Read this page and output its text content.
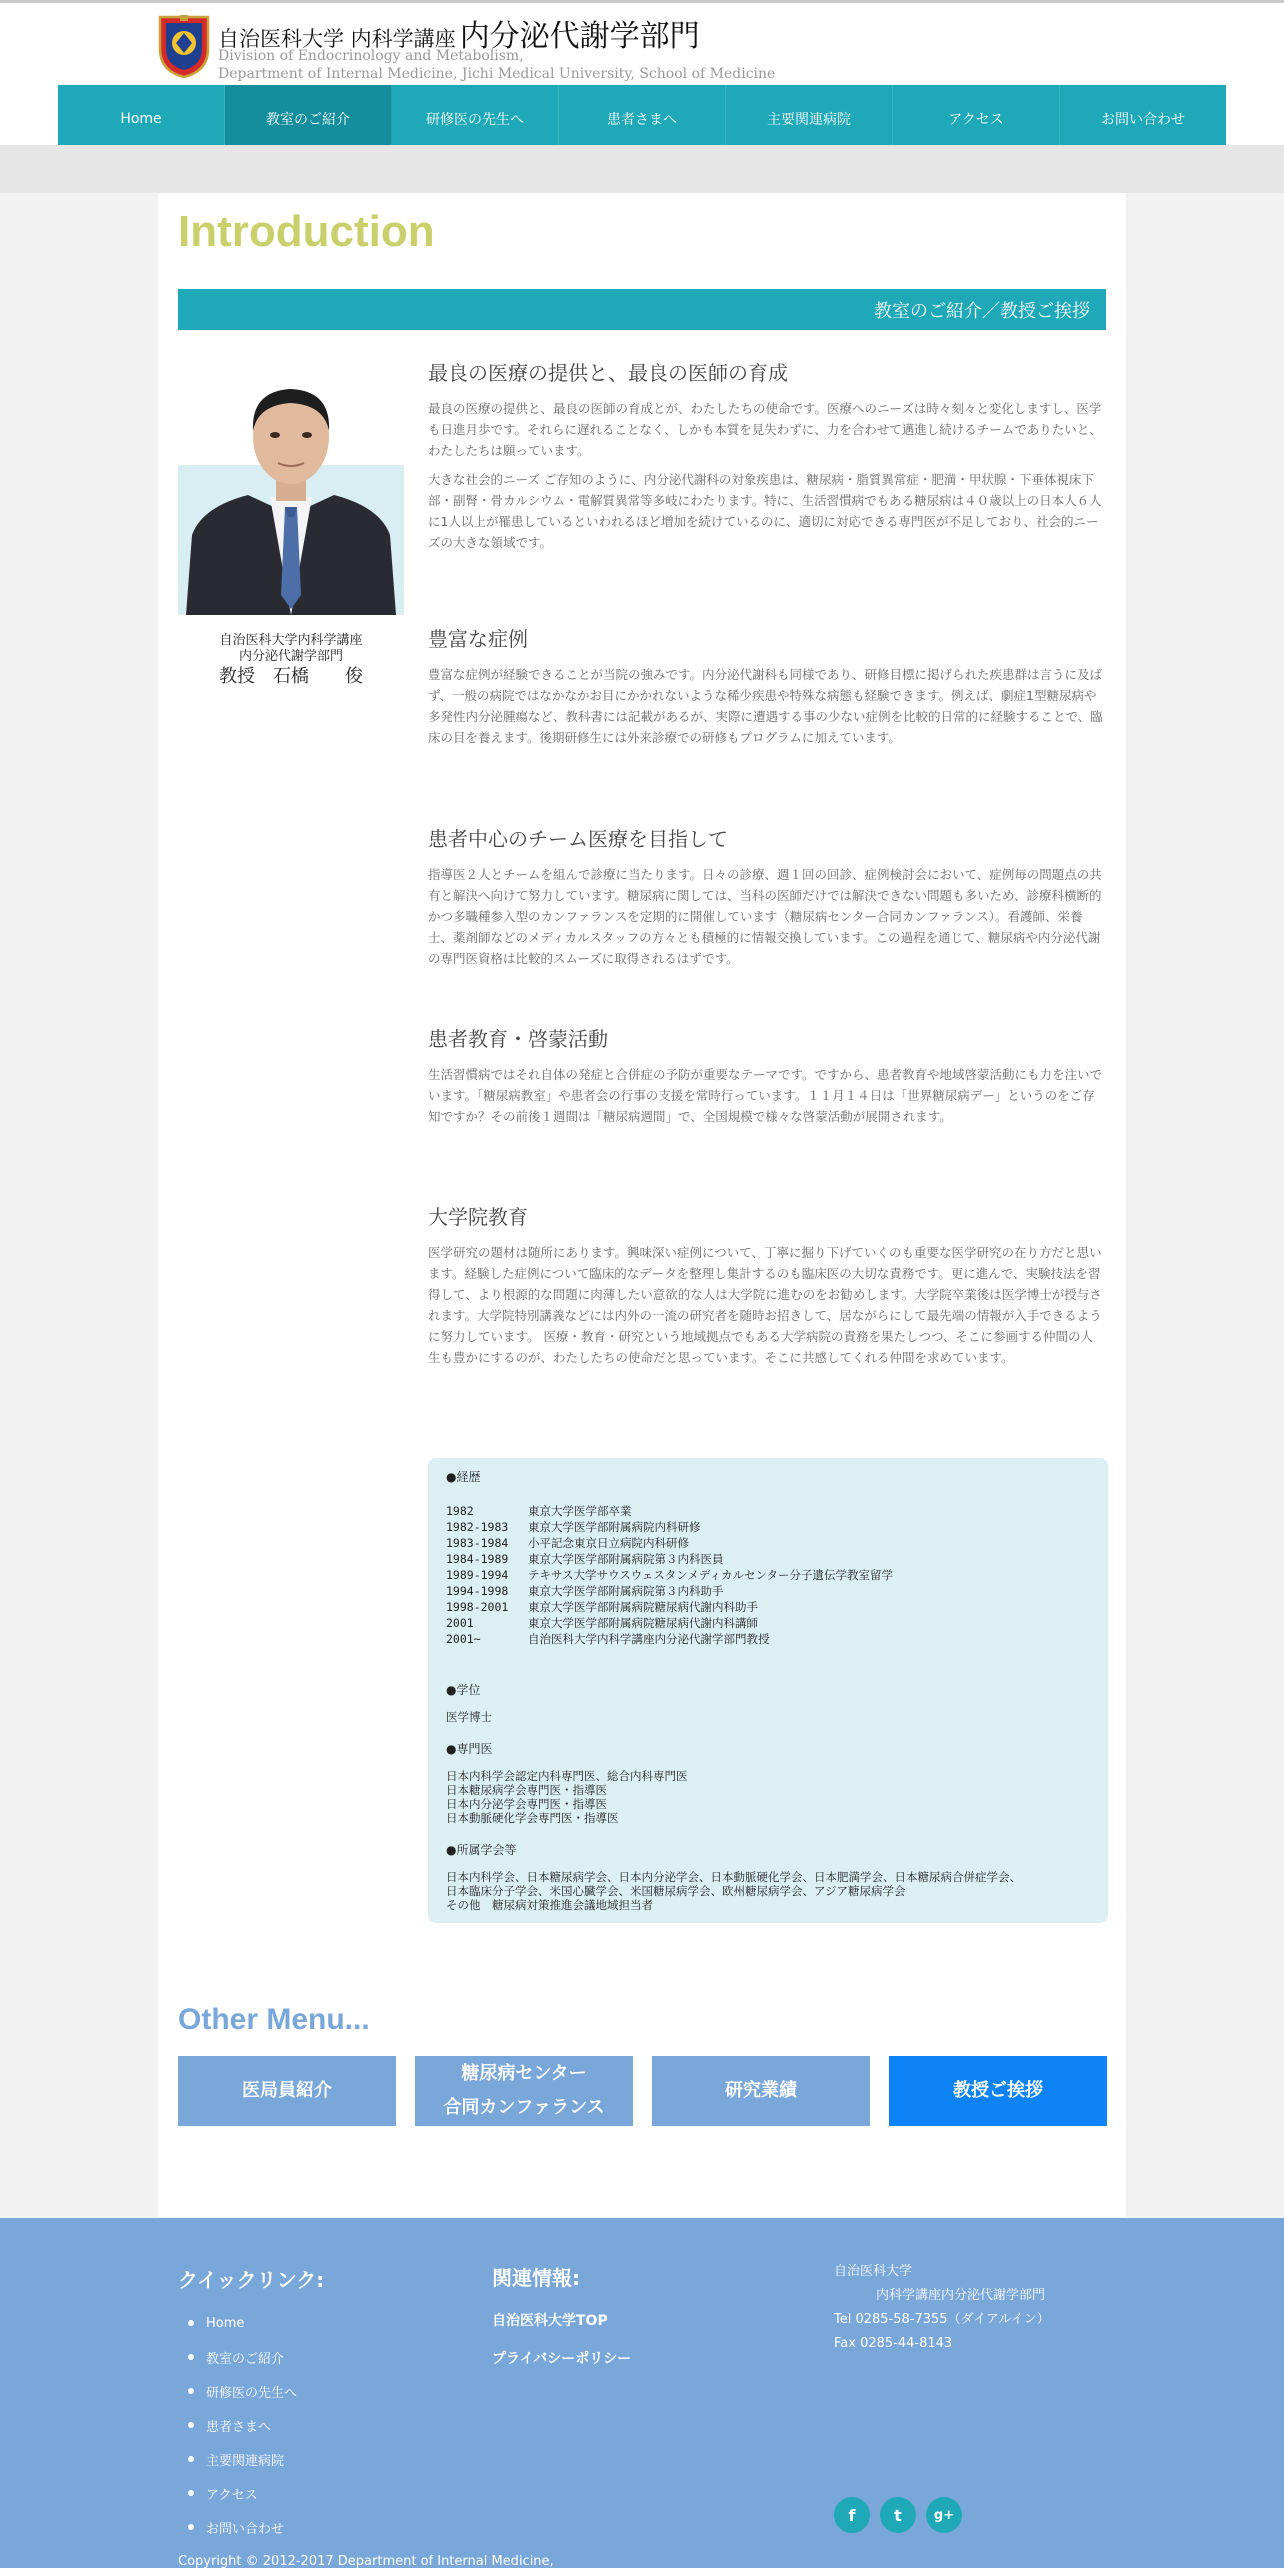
自治医科大学 内科学講座 内分泌代謝学部門
Division of Endocrinology and Metabolism,
Department of Internal Medicine, Jichi Medical University, School of Medicine
Home	教室のご紹介	研修医の先生へ	患者さまへ	主要関連病院	アクセス	お問い合わせ
Introduction
教室のご紹介／教授ご挨拶
自治医科大学内科学講座
内分泌代謝学部門
教授　石橋　　俊
最良の医療の提供と、最良の医師の育成

最良の医療の提供と、最良の医師の育成とが、わたしたちの使命です。医療へのニーズは時々刻々と変化しますし、医学も日進月歩です。それらに遅れることなく、しかも本質を見失わずに、力を合わせて邁進し続けるチームでありたいと、わたしたちは願っています。

大きな社会的ニーズ ご存知のように、内分泌代謝科の対象疾患は、糖尿病・脂質異常症・肥満・甲状腺・下垂体視床下部・副腎・骨カルシウム・電解質異常等多岐にわたります。特に、生活習慣病でもある糖尿病は４０歳以上の日本人６人に1人以上が罹患しているといわれるほど増加を続けているのに、適切に対応できる専門医が不足しており、社会的ニーズの大きな領域です。

豊富な症例

豊富な症例が経験できることが当院の強みです。内分泌代謝科も同様であり、研修目標に掲げられた疾患群は言うに及ばず、一般の病院ではなかなかお目にかかれないような稀少疾患や特殊な病態も経験できます。例えば、劇症1型糖尿病や多発性内分泌腫瘍など、教科書には記載があるが、実際に遭遇する事の少ない症例を比較的日常的に経験することで、臨床の目を養えます。後期研修生には外来診療での研修もプログラムに加えています。

患者中心のチーム医療を目指して

指導医２人とチームを組んで診療に当たります。日々の診療、週１回の回診、症例検討会において、症例毎の問題点の共有と解決へ向けて努力しています。糖尿病に関しては、当科の医師だけでは解決できない問題も多いため、診療科横断的かつ多職種参入型のカンファランスを定期的に開催しています（糖尿病センター合同カンファランス）。看護師、栄養士、薬剤師などのメディカルスタッフの方々とも積極的に情報交換しています。この過程を通じて、糖尿病や内分泌代謝の専門医資格は比較的スムーズに取得されるはずです。

患者教育・啓蒙活動

生活習慣病ではそれ自体の発症と合併症の予防が重要なテーマです。ですから、患者教育や地域啓蒙活動にも力を注いでいます。「糖尿病教室」や患者会の行事の支援を常時行っています。１１月１４日は「世界糖尿病デー」というのをご存知ですか？その前後１週間は「糖尿病週間」で、全国規模で様々な啓蒙活動が展開されます。

大学院教育

医学研究の題材は随所にあります。興味深い症例について、丁寧に掘り下げていくのも重要な医学研究の在り方だと思います。経験した症例について臨床的なデータを整理し集計するのも臨床医の大切な責務です。更に進んで、実験技法を習得して、より根源的な問題に肉薄したい意欲的な人は大学院に進むのをお勧めします。大学院卒業後は医学博士が授与されます。大学院特別講義などには内外の一流の研究者を随時お招きして、居ながらにして最先端の情報が入手できるように努力しています。 医療・教育・研究という地域拠点でもある大学病院の責務を果たしつつ、そこに参画する仲間の人生も豊かにするのが、わたしたちの使命だと思っています。そこに共感してくれる仲間を求めています。

●経歴
1982	東京大学医学部卒業
1982-1983	東京大学医学部附属病院内科研修
1983-1984	小平記念東京日立病院内科研修
1984-1989	東京大学医学部附属病院第３内科医員
1989-1994	テキサス大学サウスウェスタンメディカルセンター分子遺伝学教室留学
1994-1998	東京大学医学部附属病院第３内科助手
1998-2001	東京大学医学部附属病院糖尿病代謝内科助手
2001	東京大学医学部附属病院糖尿病代謝内科講師
2001~	自治医科大学内科学講座内分泌代謝学部門教授
●学位
医学博士
●専門医
日本内科学会認定内科専門医、総合内科専門医
日本糖尿病学会専門医・指導医
日本内分泌学会専門医・指導医
日本動脈硬化学会専門医・指導医
●所属学会等
日本内科学会、日本糖尿病学会、日本内分泌学会、日本動脈硬化学会、日本肥満学会、日本糖尿病合併症学会、
日本臨床分子学会、米国心臓学会、米国糖尿病学会、欧州糖尿病学会、アジア糖尿病学会
その他　糖尿病対策推進会議地域担当者
Other Menu...
医局員紹介
糖尿病センター
合同カンファランス
研究業績	教授ご挨拶
クイックリンク:
Home
教室のご紹介
研修医の先生へ
患者さまへ
主要関連病院
アクセス
お問い合わせ
関連情報:
自治医科大学TOP
プライバシーポリシー
自治医科大学
内科学講座内分泌代謝学部門
Tel 0285-58-7355（ダイアルイン）
Fax 0285-44-8143
Copyright © 2012-2017 Department of Internal Medicine,
f	t	g+
